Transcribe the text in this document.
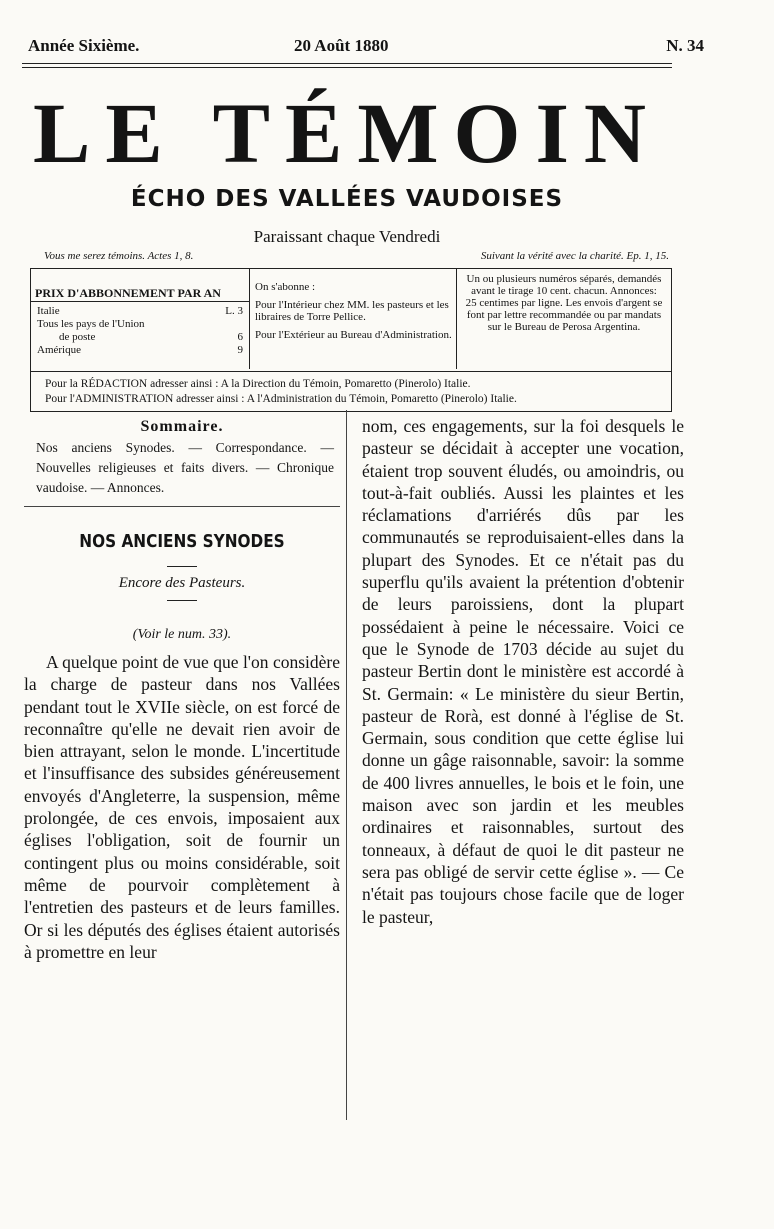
Année Sixième.	20 Août 1880	N. 34
LE TÉMOIN
ÉCHO DES VALLÉES VAUDOISES
Paraissant chaque Vendredi
Vous me serez témoins. Actes 1, 8.	Suivant la vérité avec la charité. Ep. 1, 15.
PRIX D'ABBONNEMENT PAR AN
Italie	L. 3
Tous les pays de l'Union
de poste	6
Amérique	9
On s'abonne :
Pour l'Intérieur chez MM. les pasteurs et les libraires de Torre Pellice.
Pour l'Extérieur au Bureau d'Administration.
Un ou plusieurs numéros séparés, demandés avant le tirage 10 cent. chacun. Annonces: 25 centimes par ligne. Les envois d'argent se font par lettre recommandée ou par mandats sur le Bureau de Perosa Argentina.
Pour la RÉDACTION adresser ainsi : A la Direction du Témoin, Pomaretto (Pinerolo) Italie.
Pour l'ADMINISTRATION adresser ainsi : A l'Administration du Témoin, Pomaretto (Pinerolo) Italie.
Sommaire.
Nos anciens Synodes. — Correspondance. — Nouvelles religieuses et faits divers. — Chronique vaudoise. — Annonces.
NOS ANCIENS SYNODES
Encore des Pasteurs.
(Voir le num. 33).
A quelque point de vue que l'on considère la charge de pasteur dans nos Vallées pendant tout le XVIIe siècle, on est forcé de reconnaître qu'elle ne devait rien avoir de bien attrayant, selon le monde. L'incertitude et l'insuffisance des subsides généreusement envoyés d'Angleterre, la suspension, même prolongée, de ces envois, imposaient aux églises l'obligation, soit de fournir un contingent plus ou moins considérable, soit même de pourvoir complètement à l'entretien des pasteurs et de leurs familles. Or si les députés des églises étaient autorisés à promettre en leur
nom, ces engagements, sur la foi desquels le pasteur se décidait à accepter une vocation, étaient trop souvent éludés, ou amoindris, ou tout-à-fait oubliés. Aussi les plaintes et les réclamations d'arriérés dûs par les communautés se reproduisaient-elles dans la plupart des Synodes. Et ce n'était pas du superflu qu'ils avaient la prétention d'obtenir de leurs paroissiens, dont la plupart possédaient à peine le nécessaire. Voici ce que le Synode de 1703 décide au sujet du pasteur Bertin dont le ministère est accordé à St. Germain: « Le ministère du sieur Bertin, pasteur de Rorà, est donné à l'église de St. Germain, sous condition que cette église lui donne un gâge raisonnable, savoir: la somme de 400 livres annuelles, le bois et le foin, une maison avec son jardin et les meubles ordinaires et raisonnables, surtout des tonneaux, à défaut de quoi le dit pasteur ne sera pas obligé de servir cette église ». — Ce n'était pas toujours chose facile que de loger le pasteur,
